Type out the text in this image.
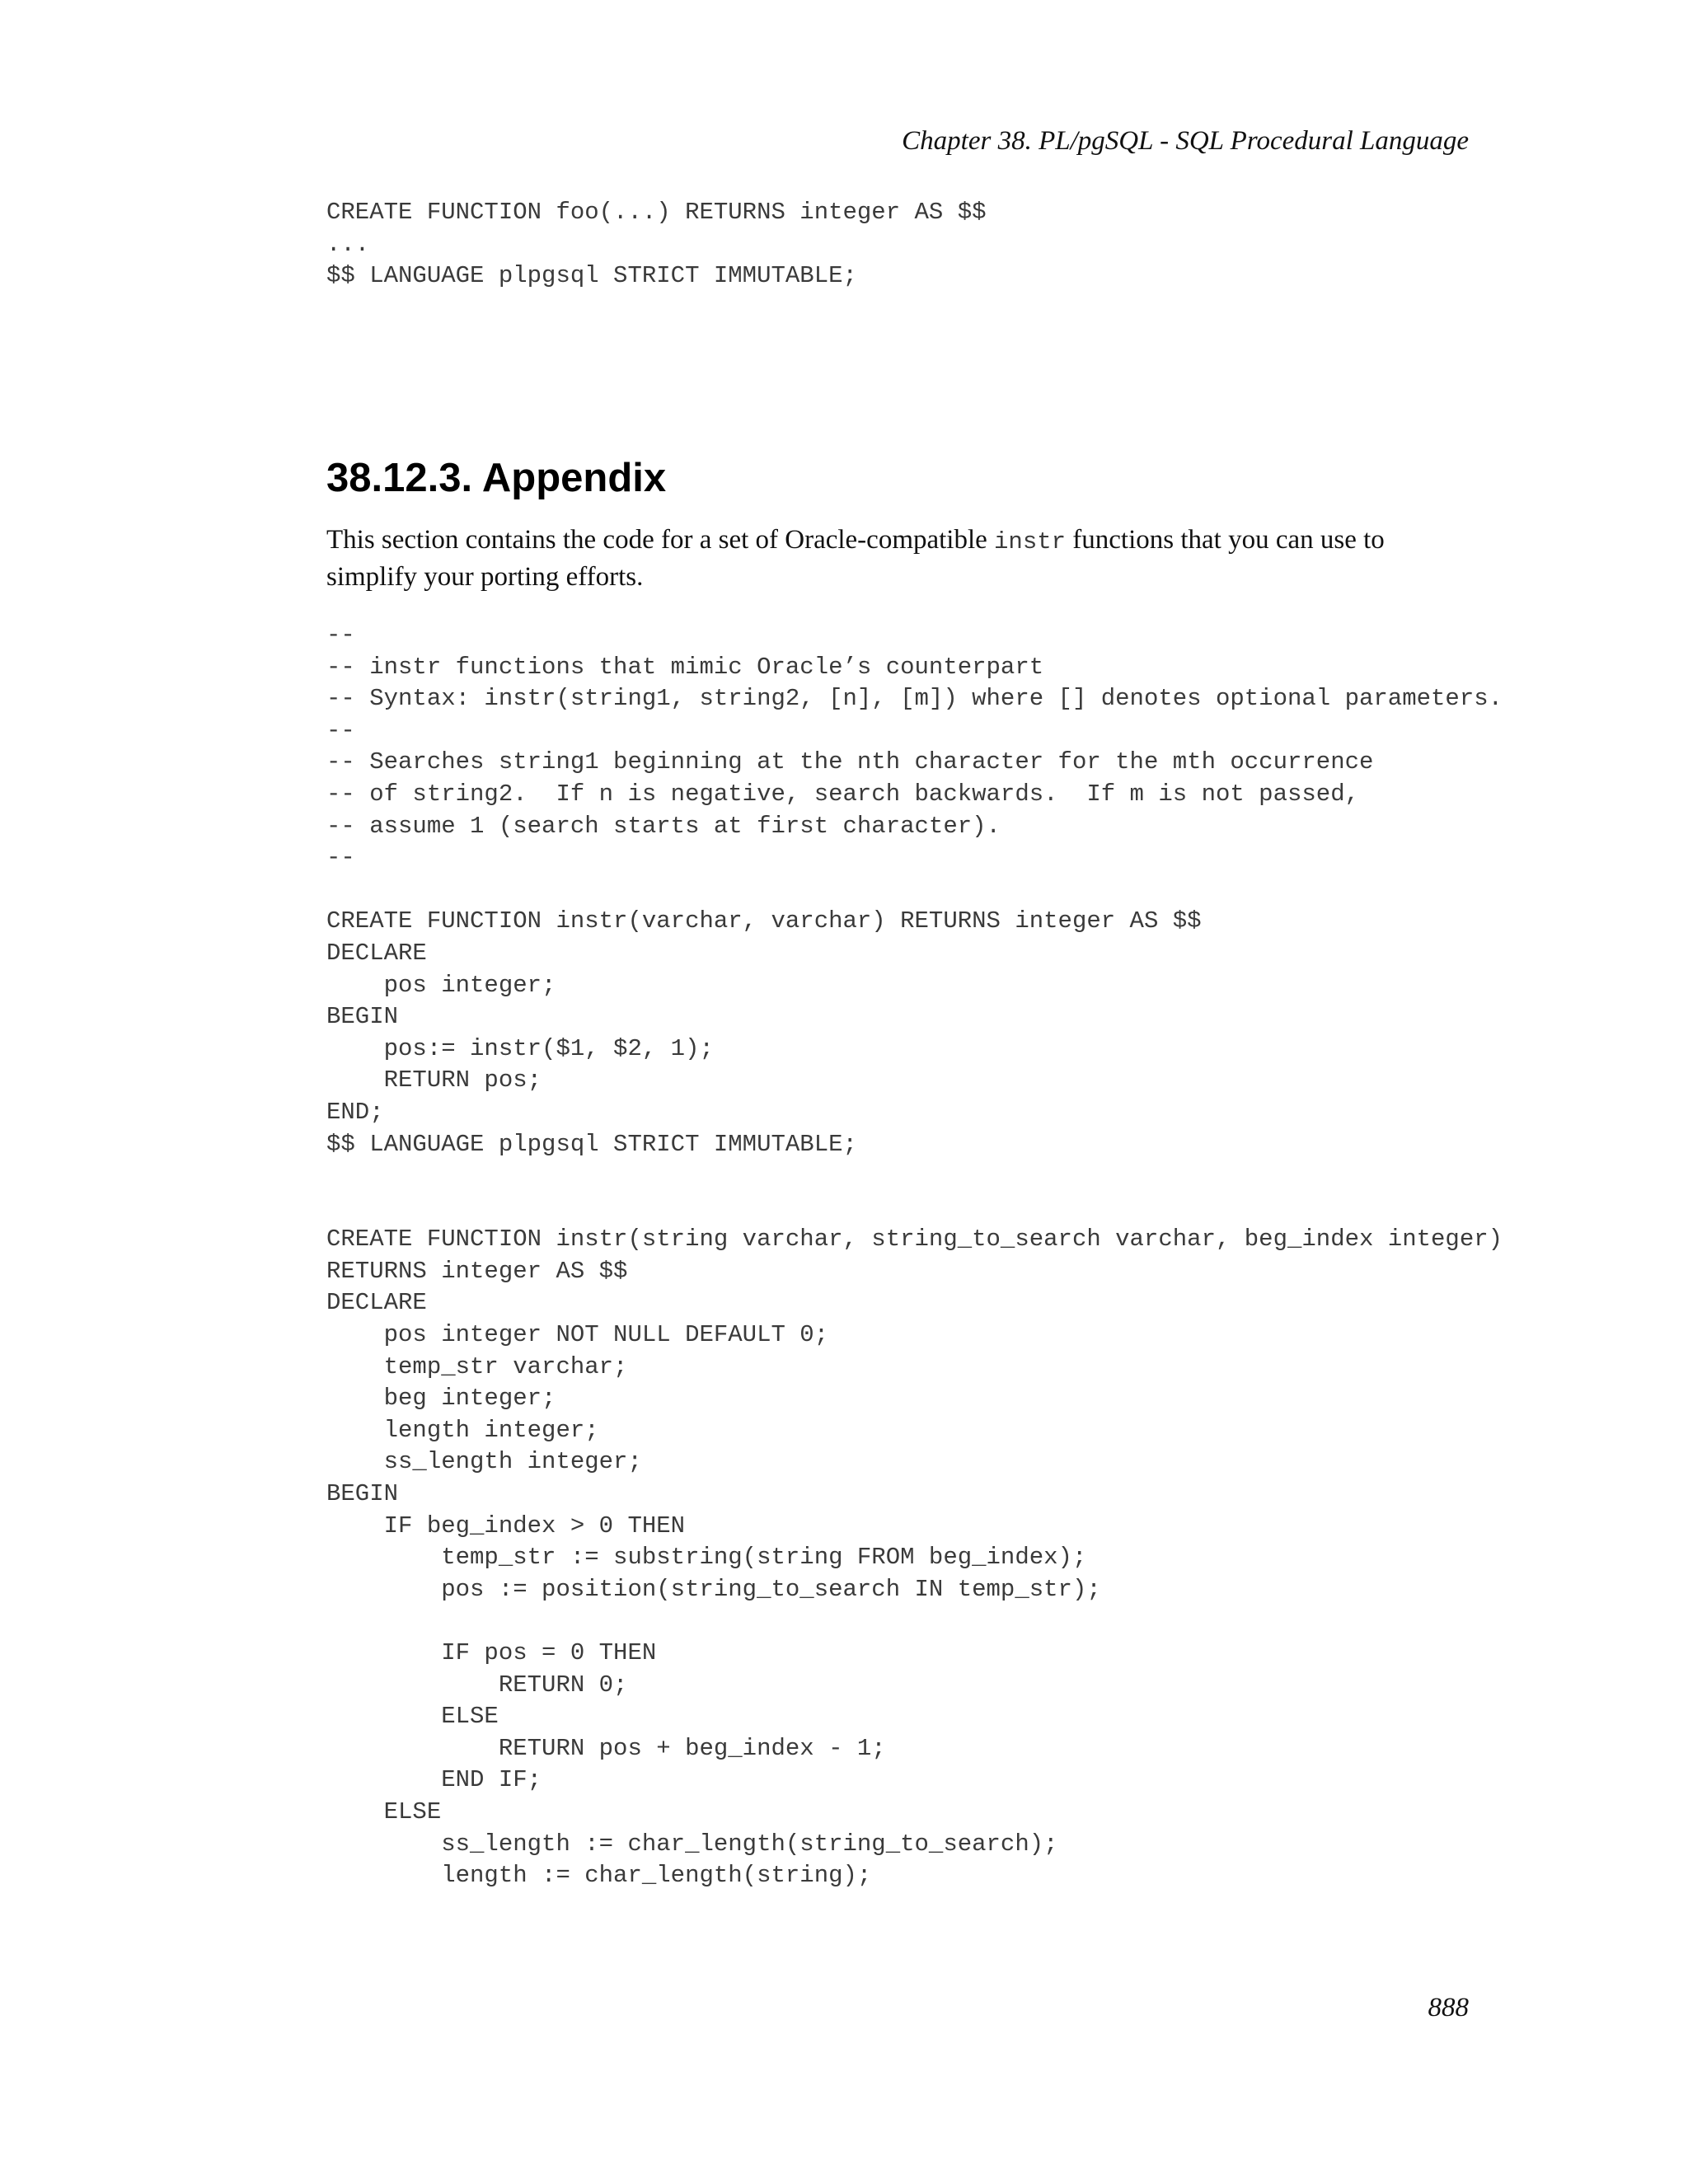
Chapter 38. PL/pgSQL - SQL Procedural Language
CREATE FUNCTION foo(...) RETURNS integer AS $$
...
$$ LANGUAGE plpgsql STRICT IMMUTABLE;
38.12.3. Appendix

This section contains the code for a set of Oracle-compatible instr functions that you can use to simplify your porting efforts.

--
-- instr functions that mimic Oracle’s counterpart
-- Syntax: instr(string1, string2, [n], [m]) where [] denotes optional parameters.
--
-- Searches string1 beginning at the nth character for the mth occurrence
-- of string2.  If n is negative, search backwards.  If m is not passed,
-- assume 1 (search starts at first character).
--

CREATE FUNCTION instr(varchar, varchar) RETURNS integer AS $$
DECLARE
pos integer;
BEGIN
pos:= instr($1, $2, 1);
RETURN pos;
END;
$$ LANGUAGE plpgsql STRICT IMMUTABLE;

CREATE FUNCTION instr(string varchar, string_to_search varchar, beg_index integer)
RETURNS integer AS $$
DECLARE
pos integer NOT NULL DEFAULT 0;
temp_str varchar;
beg integer;
length integer;
ss_length integer;
BEGIN
IF beg_index > 0 THEN
temp_str := substring(string FROM beg_index);
pos := position(string_to_search IN temp_str);

IF pos = 0 THEN
RETURN 0;
ELSE
RETURN pos + beg_index - 1;
END IF;
ELSE
ss_length := char_length(string_to_search);
length := char_length(string);
888
